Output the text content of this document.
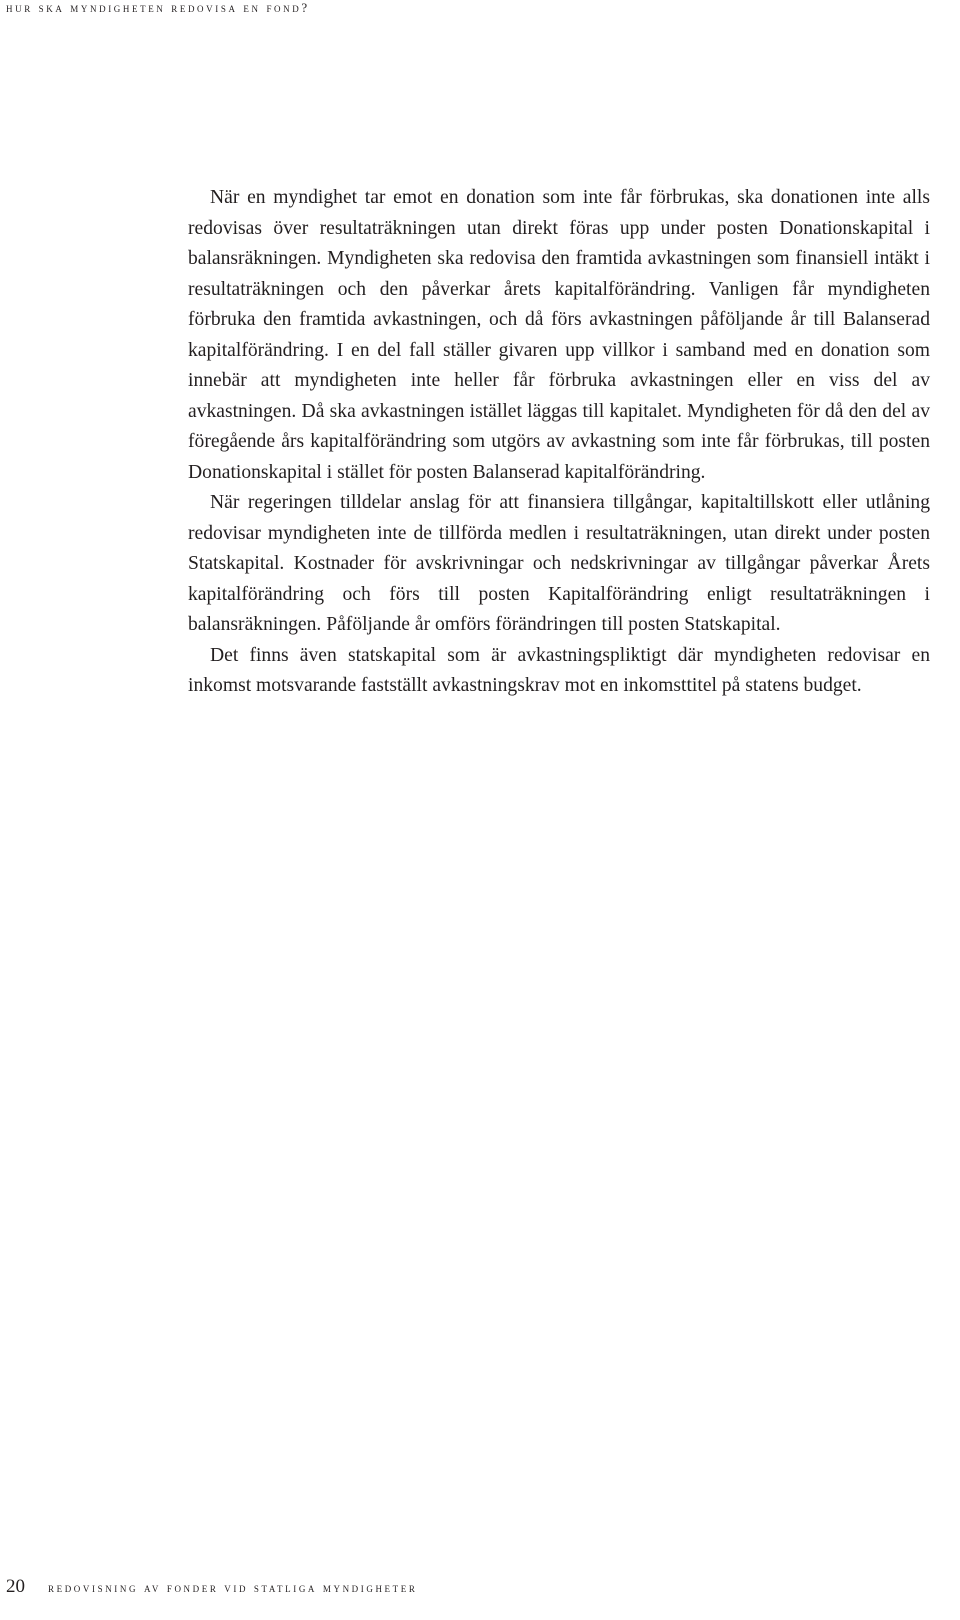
hur ska myndigheten redovisa en fond?

När en myndighet tar emot en donation som inte får förbrukas, ska donationen inte alls redovisas över resultaträkningen utan direkt föras upp under posten Donationskapital i balansräkningen. Myndigheten ska redovisa den framtida avkastningen som finansiell intäkt i resultaträkningen och den påverkar årets kapitalförändring. Vanligen får myndigheten förbruka den framtida avkastningen, och då förs avkastningen påföljande år till Balanserad kapitalförändring. I en del fall ställer givaren upp villkor i samband med en donation som innebär att myndigheten inte heller får förbruka avkastningen eller en viss del av avkastningen. Då ska avkastningen istället läggas till kapitalet. Myndigheten för då den del av föregående års kapitalförändring som utgörs av avkastning som inte får förbrukas, till posten Donationskapital i stället för posten Balanserad kapitalförändring.

När regeringen tilldelar anslag för att finansiera tillgångar, kapitaltillskott eller utlåning redovisar myndigheten inte de tillförda medlen i resultaträkningen, utan direkt under posten Statskapital. Kostnader för avskrivningar och nedskrivningar av tillgångar påverkar Årets kapitalförändring och förs till posten Kapitalförändring enligt resultaträkningen i balansräkningen. Påföljande år omförs förändringen till posten Statskapital.

Det finns även statskapital som är avkastningspliktigt där myndigheten redovisar en inkomst motsvarande fastställt avkastningskrav mot en inkomsttitel på statens budget.

20	redovisning av fonder vid statliga myndigheter
